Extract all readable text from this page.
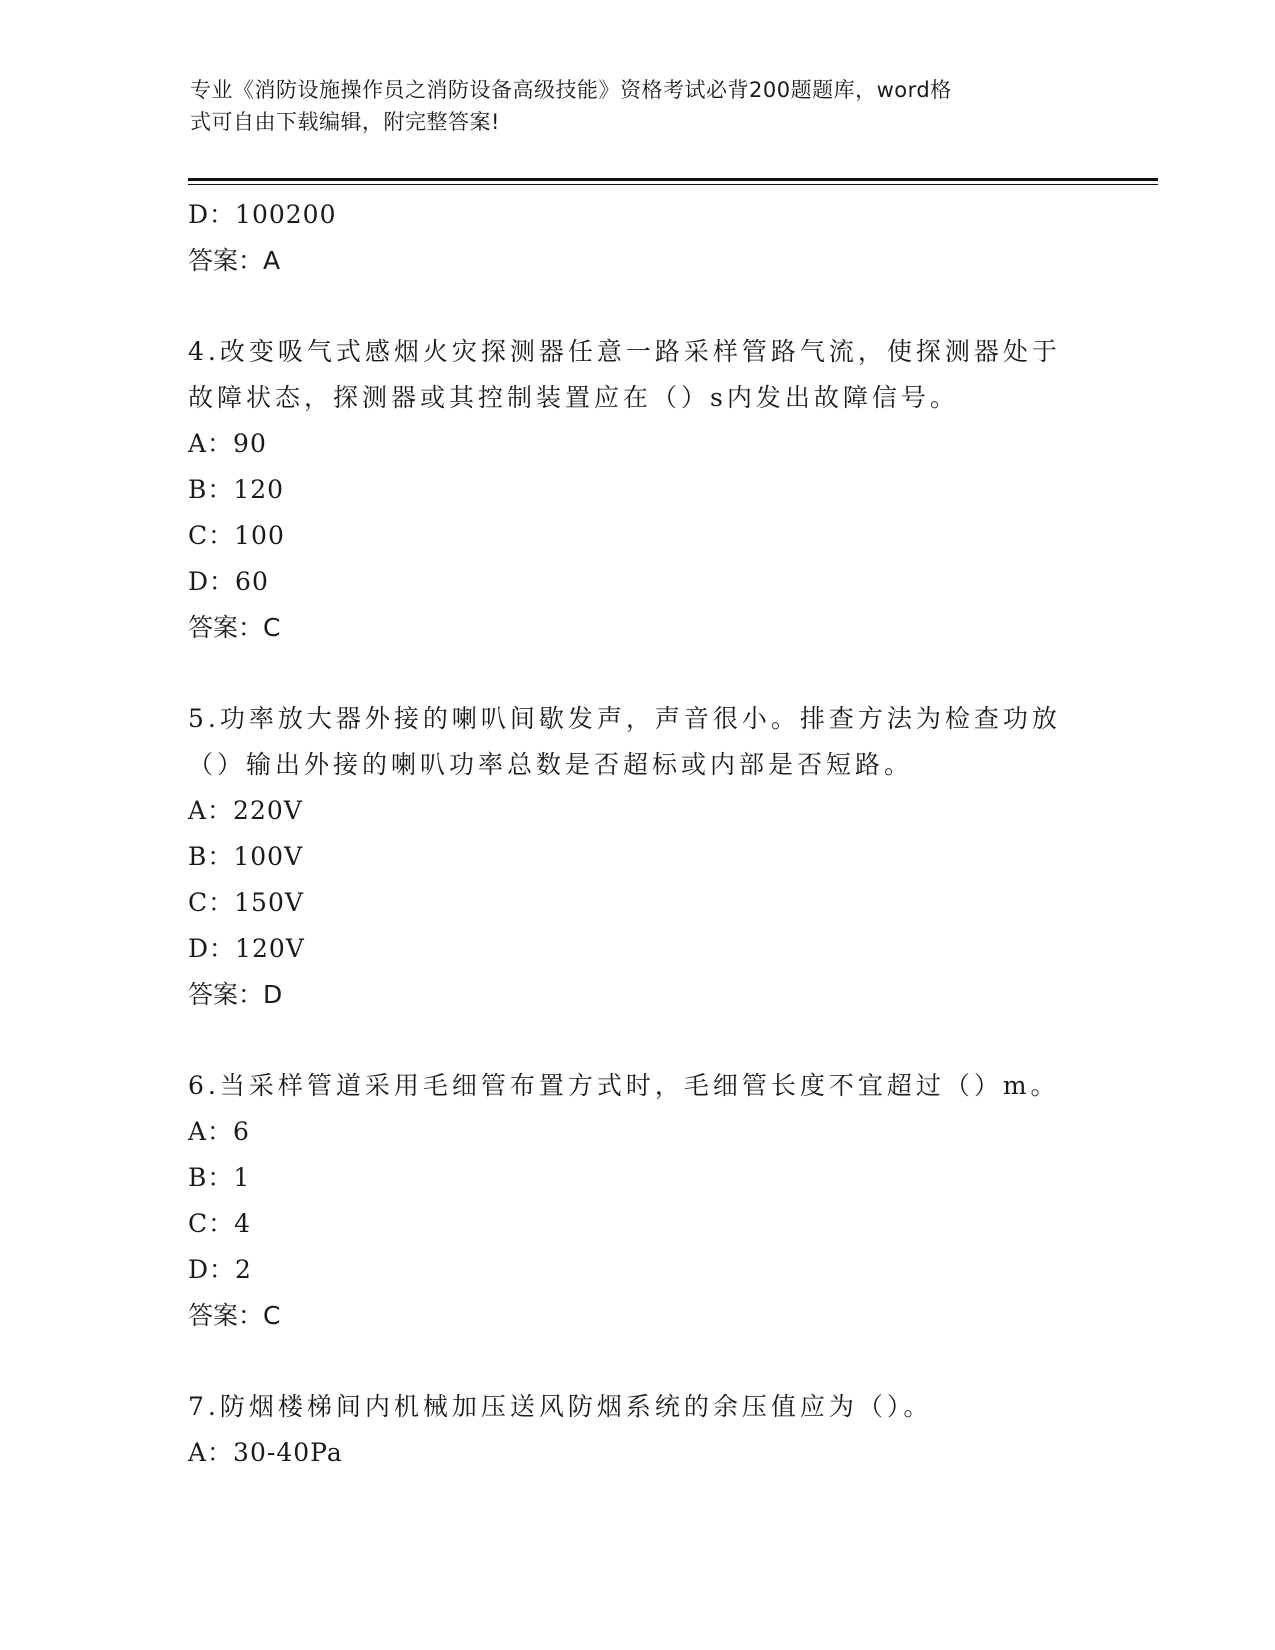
专业《消防设施操作员之消防设备高级技能》资格考试必背200题题库，word格
式可自由下载编辑，附完整答案!
D：100200
答案：A
4.改变吸气式感烟火灾探测器任意一路采样管路气流，使探测器处于
故障状态，探测器或其控制装置应在（）s内发出故障信号。
A：90
B：120
C：100
D：60
答案：C
5.功率放大器外接的喇叭间歇发声，声音很小。排查方法为检查功放
（）输出外接的喇叭功率总数是否超标或内部是否短路。
A：220V
B：100V
C：150V
D：120V
答案：D
6.当采样管道采用毛细管布置方式时，毛细管长度不宜超过（）m。
A：6
B：1
C：4
D：2
答案：C
7.防烟楼梯间内机械加压送风防烟系统的余压值应为（）。
A：30-40Pa
